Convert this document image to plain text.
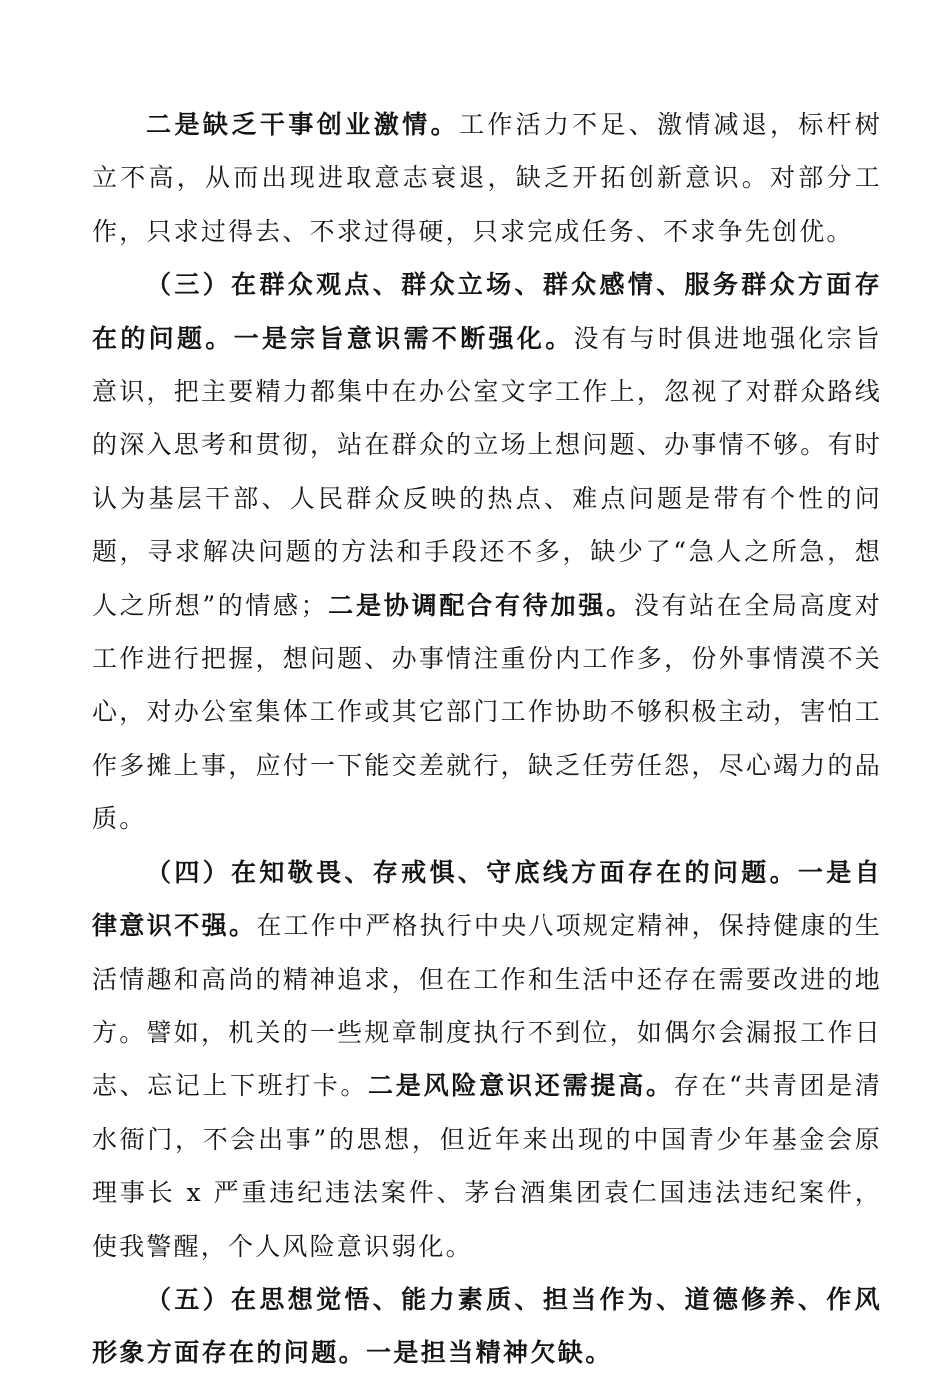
二是缺乏干事创业激情。工作活力不足、激情减退，标杆树立不高，从而出现进取意志衰退，缺乏开拓创新意识。对部分工作，只求过得去、不求过得硬，只求完成任务、不求争先创优。

（三）在群众观点、群众立场、群众感情、服务群众方面存在的问题。一是宗旨意识需不断强化。没有与时俱进地强化宗旨意识，把主要精力都集中在办公室文字工作上，忽视了对群众路线的深入思考和贯彻，站在群众的立场上想问题、办事情不够。有时认为基层干部、人民群众反映的热点、难点问题是带有个性的问题，寻求解决问题的方法和手段还不多，缺少了“急人之所急，想人之所想”的情感；二是协调配合有待加强。没有站在全局高度对工作进行把握，想问题、办事情注重份内工作多，份外事情漠不关心，对办公室集体工作或其它部门工作协助不够积极主动，害怕工作多摊上事，应付一下能交差就行，缺乏任劳任怨，尽心竭力的品质。

（四）在知敬畏、存戒惧、守底线方面存在的问题。一是自律意识不强。在工作中严格执行中央八项规定精神，保持健康的生活情趣和高尚的精神追求，但在工作和生活中还存在需要改进的地方。譬如，机关的一些规章制度执行不到位，如偶尔会漏报工作日志、忘记上下班打卡。二是风险意识还需提高。存在“共青团是清水衙门，不会出事”的思想，但近年来出现的中国青少年基金会原理事长 x 严重违纪违法案件、茅台酒集团袁仁国违法违纪案件，使我警醒，个人风险意识弱化。

（五）在思想觉悟、能力素质、担当作为、道德修养、作风形象方面存在的问题。一是担当精神欠缺。
